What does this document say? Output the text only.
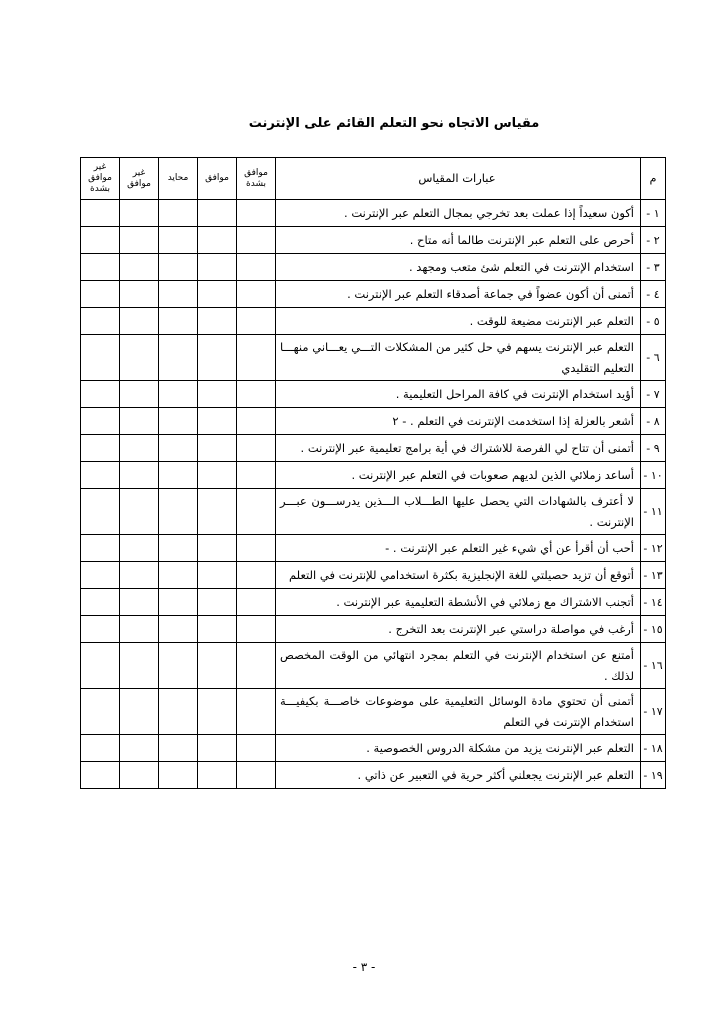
مقياس الاتجاه نحو التعلم القائم على الإنترنت
م	عبارات المقياس	موافق بشدة	موافق	محايد	غير موافق	غير موافق بشدة
١ -	أكون سعيداً إذا عملت بعد تخرجي بمجال التعلم عبر الإنترنت .					
٢ -	أحرص على التعلم عبر الإنترنت طالما أنه متاح .					
٣ -	استخدام الإنترنت في التعلم شئ متعب ومجهد .					
٤ -	أتمنى أن أكون عضواً في جماعة أصدقاء التعلم عبر الإنترنت .					
٥ -	التعلم عبر الإنترنت مضيعة للوقت .					
٦ -	التعلم عبر الإنترنت يسهم في حل كثير من المشكلات التـــي يعـــاني منهـــا التعليم التقليدي					
٧ -	أؤيد استخدام الإنترنت في كافة المراحل التعليمية .					
٨ -	أشعر بالعزلة إذا استخدمت الإنترنت في التعلم . - ٢					
٩ -	أتمنى أن تتاح لي الفرصة للاشتراك في أية برامج تعليمية عبر الإنترنت .					
١٠ -	أساعد زملائي الذين لديهم صعوبات في التعلم عبر الإنترنت .					
١١ -	لا أعترف بالشهادات التي يحصل عليها الطـــلاب الـــذين يدرســـون عبـــر الإنترنت .					
١٢ -	أحب أن أقرأ عن أي شيء غير التعلم عبر الإنترنت . -					
١٣ -	أتوقع أن تزيد حصيلتي للغة الإنجليزية بكثرة استخدامي للإنترنت في التعلم					
١٤ -	أتجنب الاشتراك مع زملائي في الأنشطة التعليمية عبر الإنترنت .					
١٥ -	أرغب في مواصلة دراستي عبر الإنترنت بعد التخرج .					
١٦ -	أمتنع عن استخدام الإنترنت في التعلم بمجرد انتهائي من الوقت المخصص لذلك .					
١٧ -	أتمنى أن تحتوي مادة الوسائل التعليمية على موضوعات خاصـــة بكيفيـــة استخدام الإنترنت في التعلم					
١٨ -	التعلم عبر الإنترنت يزيد من مشكلة الدروس الخصوصية .					
١٩ -	التعلم عبر الإنترنت يجعلني أكثر حرية في التعبير عن ذاتي .					
- ٣ -
